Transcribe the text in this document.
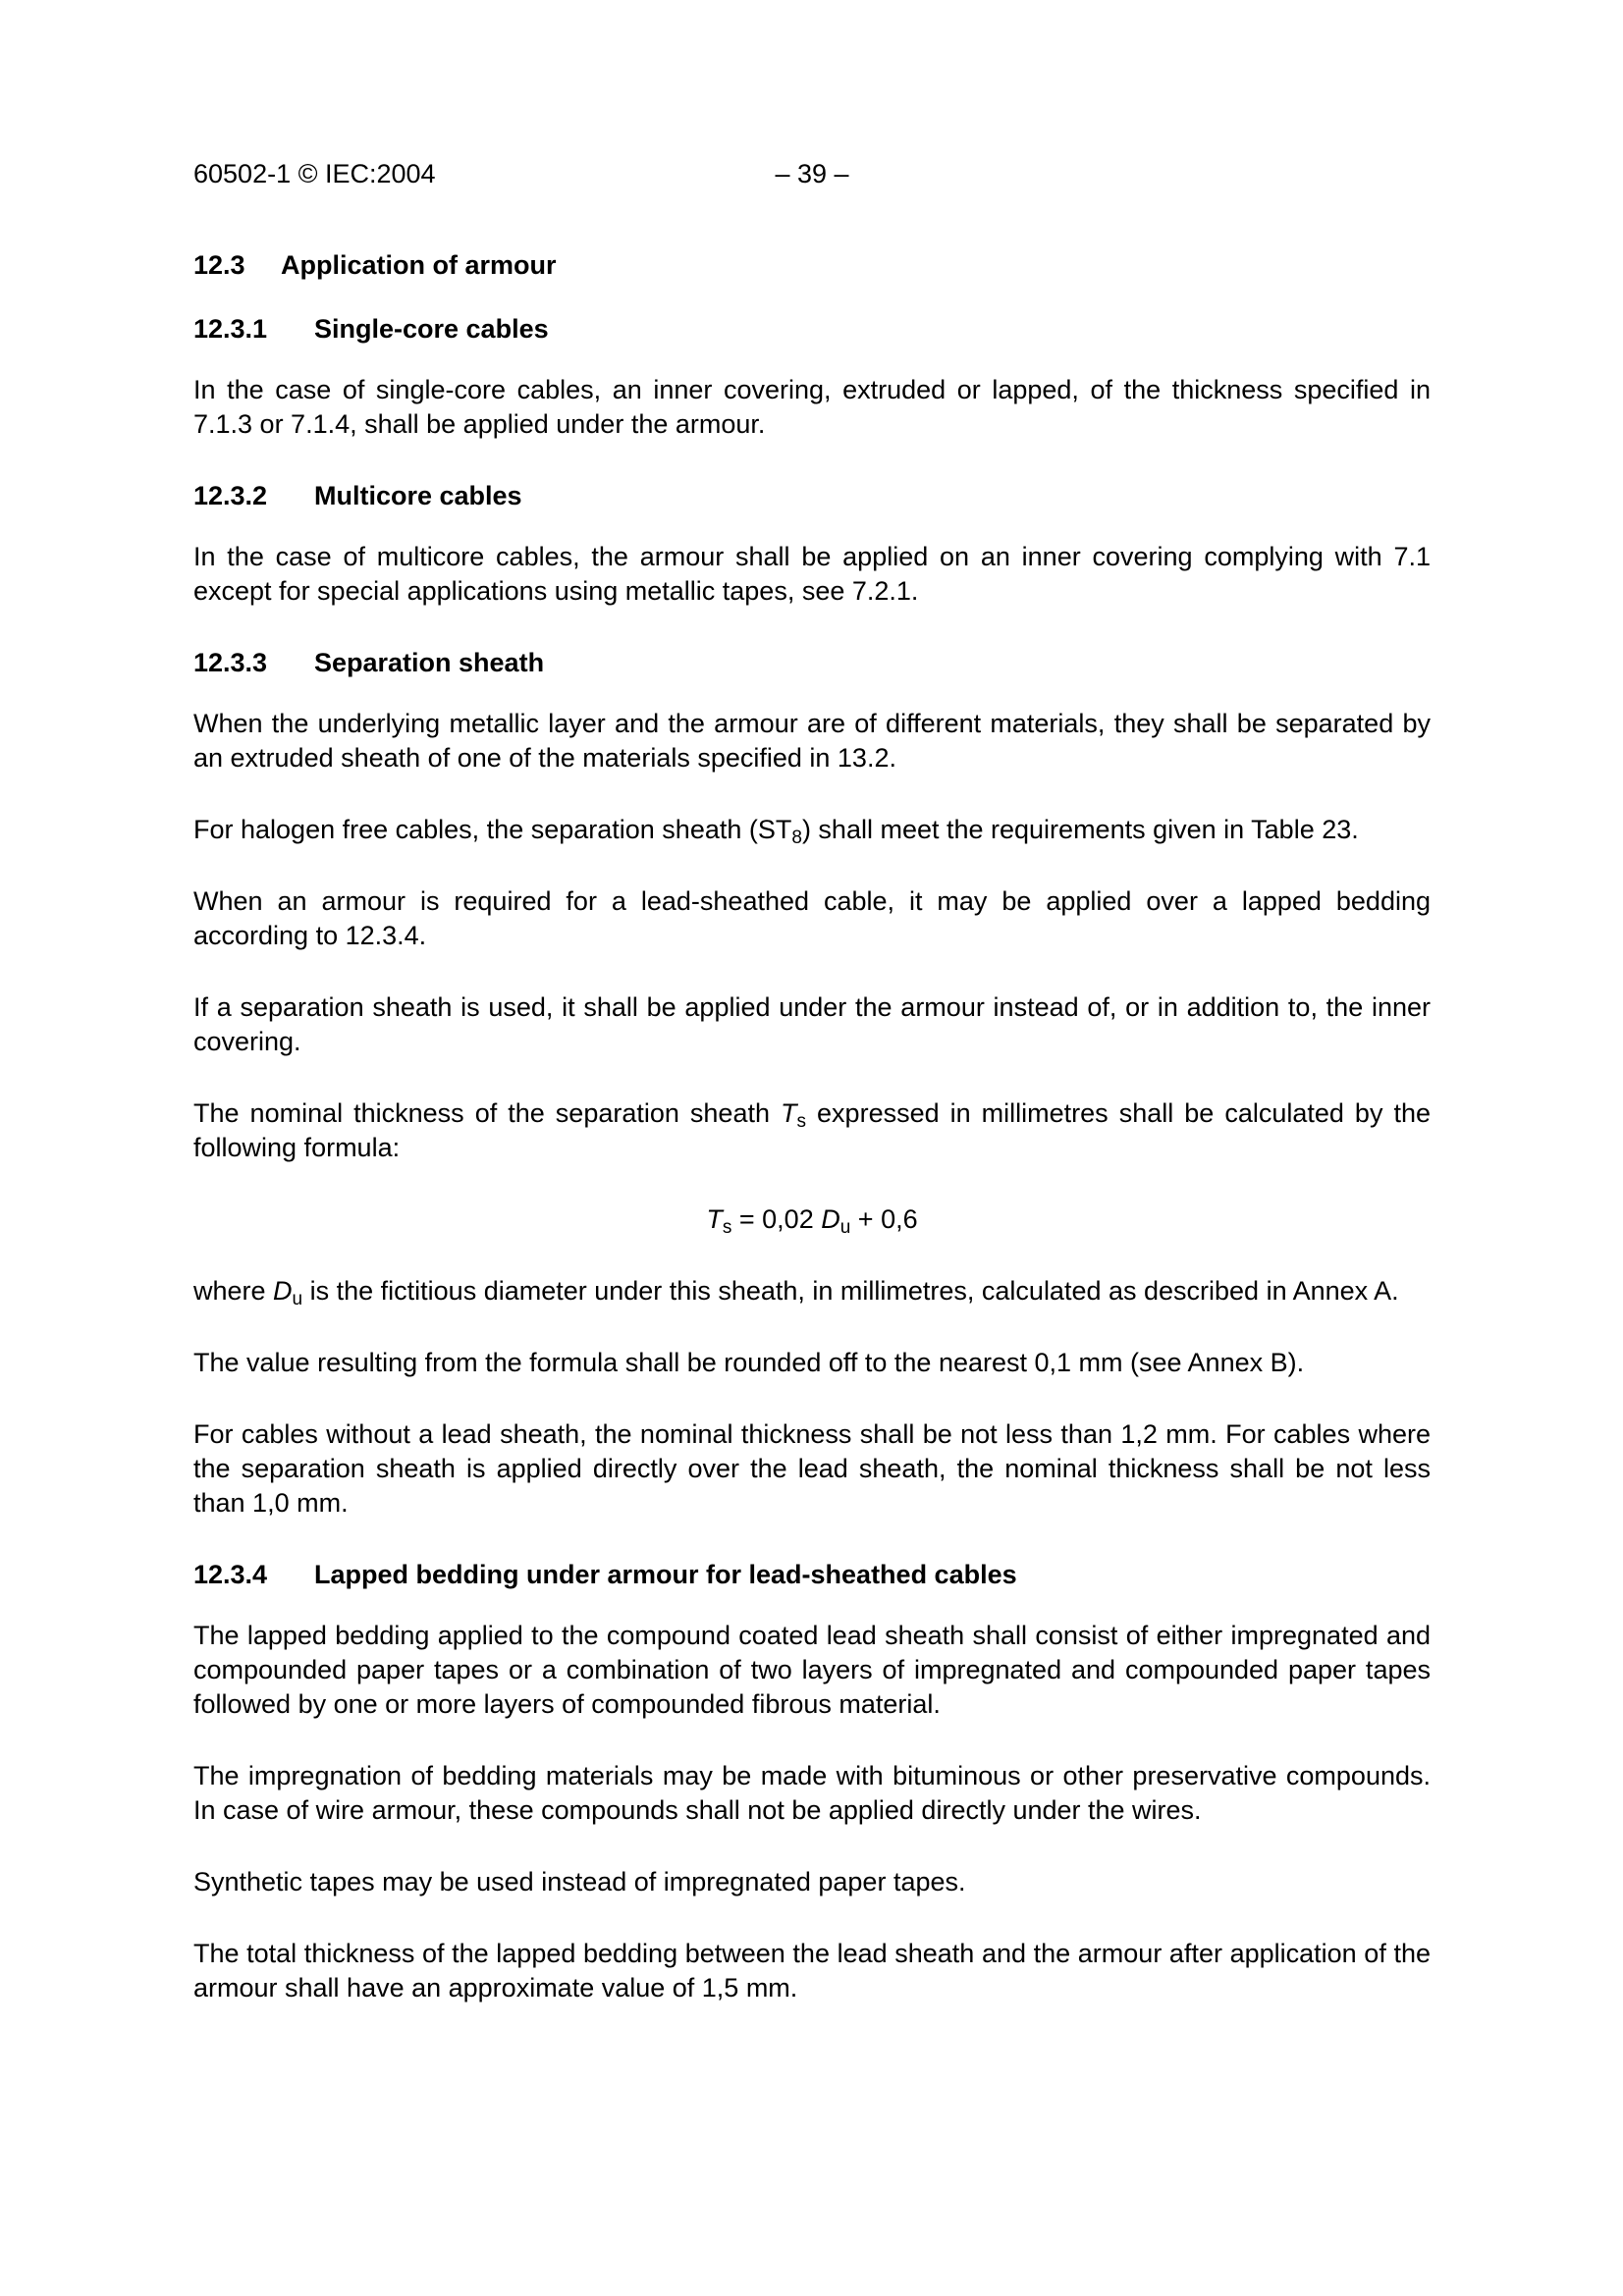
60502-1 © IEC:2004	– 39 –
12.3 Application of armour
12.3.1 Single-core cables

In the case of single-core cables, an inner covering, extruded or lapped, of the thickness specified in 7.1.3 or 7.1.4, shall be applied under the armour.

12.3.2 Multicore cables

In the case of multicore cables, the armour shall be applied on an inner covering complying with 7.1 except for special applications using metallic tapes, see 7.2.1.

12.3.3 Separation sheath

When the underlying metallic layer and the armour are of different materials, they shall be separated by an extruded sheath of one of the materials specified in 13.2.

For halogen free cables, the separation sheath $(ST_8)$ shall meet the requirements given in Table 23.

When an armour is required for a lead-sheathed cable, it may be applied over a lapped bedding according to 12.3.4.

If a separation sheath is used, it shall be applied under the armour instead of, or in addition to, the inner covering.

The nominal thickness of the separation sheath $T_s$ expressed in millimetres shall be calculated by the following formula:

$T_s = 0,02$ $D_u + 0,6$

where $D_u$ is the fictitious diameter under this sheath, in millimetres, calculated as described in Annex A.

The value resulting from the formula shall be rounded off to the nearest 0,1 mm (see Annex B).

For cables without a lead sheath, the nominal thickness shall be not less than 1,2 mm. For cables where the separation sheath is applied directly over the lead sheath, the nominal thickness shall be not less than 1,0 mm.

12.3.4 Lapped bedding under armour for lead-sheathed cables

The lapped bedding applied to the compound coated lead sheath shall consist of either impregnated and compounded paper tapes or a combination of two layers of impregnated and compounded paper tapes followed by one or more layers of compounded fibrous material.

The impregnation of bedding materials may be made with bituminous or other preservative compounds. In case of wire armour, these compounds shall not be applied directly under the wires.

Synthetic tapes may be used instead of impregnated paper tapes.

The total thickness of the lapped bedding between the lead sheath and the armour after application of the armour shall have an approximate value of 1,5 mm.
